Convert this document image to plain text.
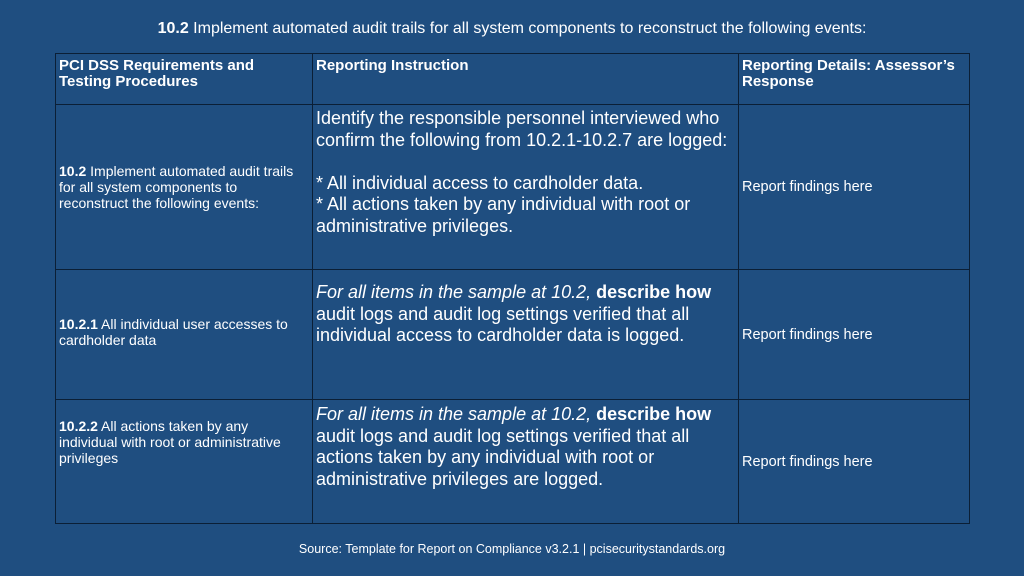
10.2 Implement automated audit trails for all system components to reconstruct the following events:
PCI DSS Requirements and Testing Procedures	Reporting Instruction	Reporting Details: Assessor’s Response
10.2 Implement automated audit trails for all system components to reconstruct the following events:	Identify the responsible personnel interviewed who confirm the following from 10.2.1-10.2.7 are logged:
* All individual access to cardholder data.
* All actions taken by any individual with root or administrative privileges.	Report findings here
10.2.1 All individual user accesses to cardholder data	For all items in the sample at 10.2, describe how audit logs and audit log settings verified that all individual access to cardholder data is logged.	Report findings here
10.2.2 All actions taken by any individual with root or administrative privileges	For all items in the sample at 10.2, describe how audit logs and audit log settings verified that all actions taken by any individual with root or administrative privileges are logged.	Report findings here
Source: Template for Report on Compliance v3.2.1 | pcisecuritystandards.org
